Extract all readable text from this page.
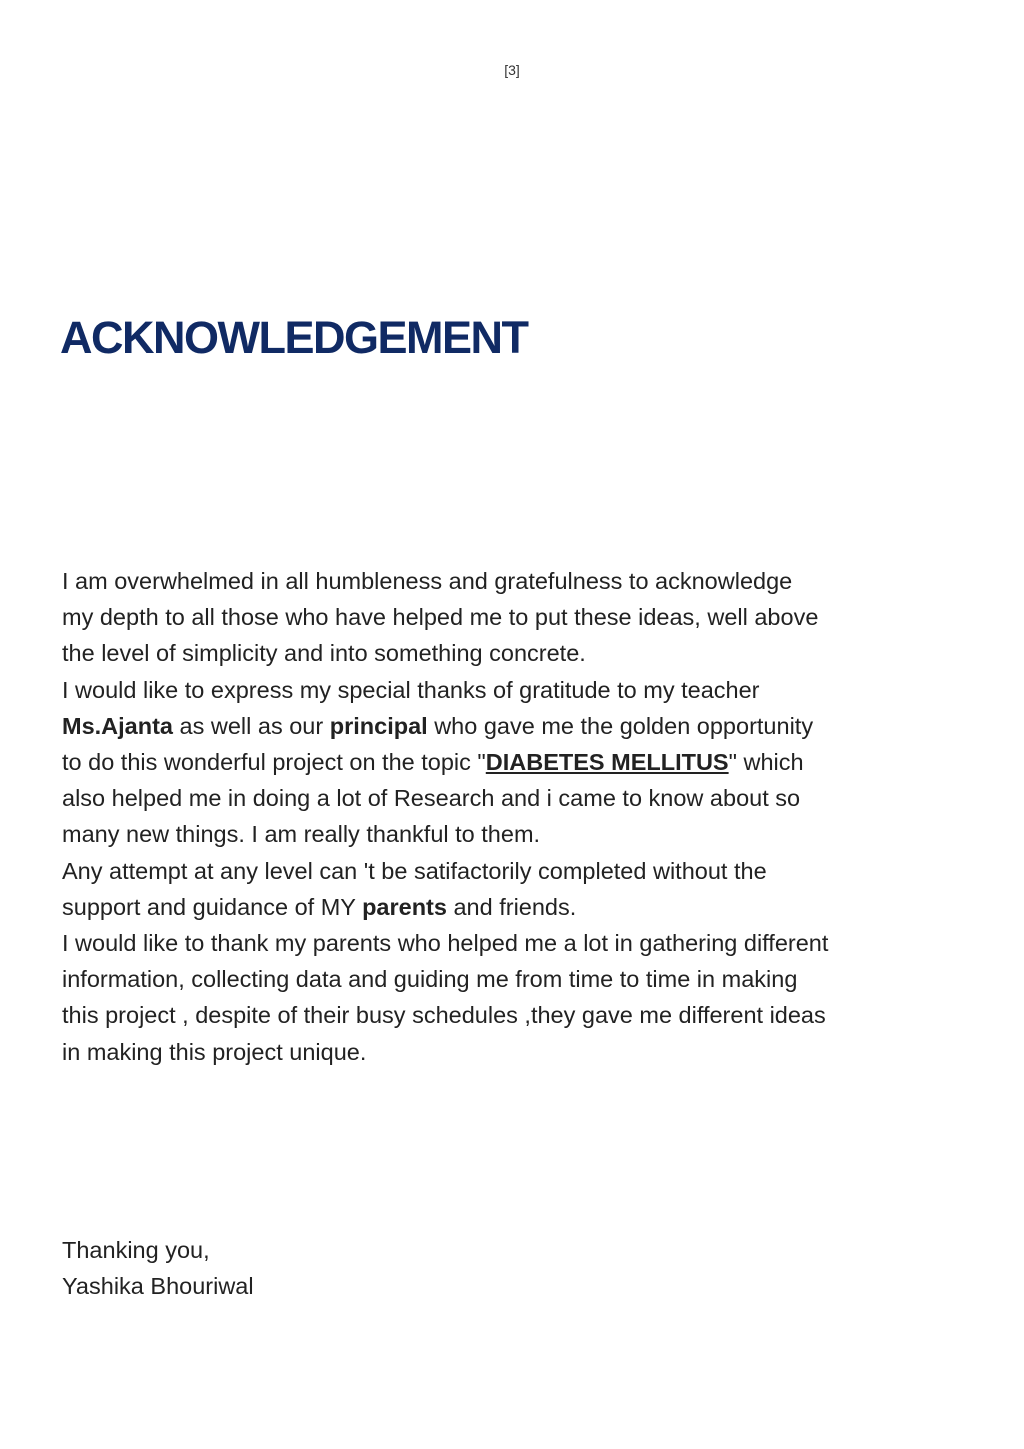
[3]
ACKNOWLEDGEMENT
I am overwhelmed in all humbleness and gratefulness to acknowledge
my depth to all those who have helped me to put these ideas, well above
the level of simplicity and into something concrete.
I would like to express my special thanks of gratitude to my teacher
Ms.Ajanta as well as our principal who gave me the golden opportunity
to do this wonderful project on the topic "DIABETES MELLITUS" which
also helped me in doing a lot of Research and i came to know about so
many new things. I am really thankful to them.
Any attempt at any level can 't be satifactorily completed without the
support and guidance of MY parents and friends.
I would like to thank my parents who helped me a lot in gathering different
information, collecting data and guiding me from time to time in making
this project , despite of their busy schedules ,they gave me different ideas
in making this project unique.
Thanking you,
Yashika Bhouriwal
